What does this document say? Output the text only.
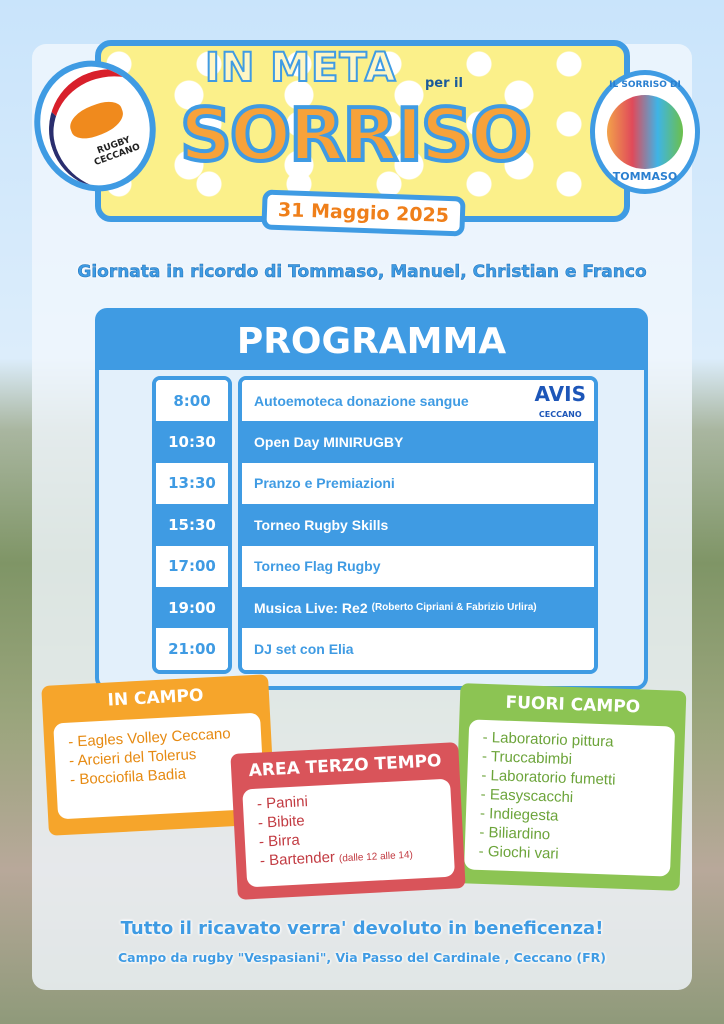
IN META per il
SORRISO
31 Maggio 2025
RUGBY CECCANO
IL SORRISO DI
TOMMASO
Giornata in ricordo di Tommaso, Manuel, Christian e Franco
PROGRAMMA
8:00
10:30
13:30
15:30
17:00
19:00
21:00
Autoemoteca donazione sangue	AVIS
CECCANO
Open Day MINIRUGBY
Pranzo e Premiazioni
Torneo Rugby Skills
Torneo Flag Rugby
Musica Live: Re2 (Roberto Cipriani & Fabrizio Urlira)
DJ set con Elia
IN CAMPO
- Eagles Volley Ceccano
- Arcieri del Tolerus
- Bocciofila Badia
FUORI CAMPO
- Laboratorio pittura
- Truccabimbi
- Laboratorio fumetti
- Easyscacchi
- Indiegesta
- Biliardino
- Giochi vari
AREA TERZO TEMPO
- Panini
- Bibite
- Birra
- Bartender (dalle 12 alle 14)
Tutto il ricavato verra' devoluto in beneficenza!
Campo da rugby "Vespasiani", Via Passo del Cardinale , Ceccano (FR)
